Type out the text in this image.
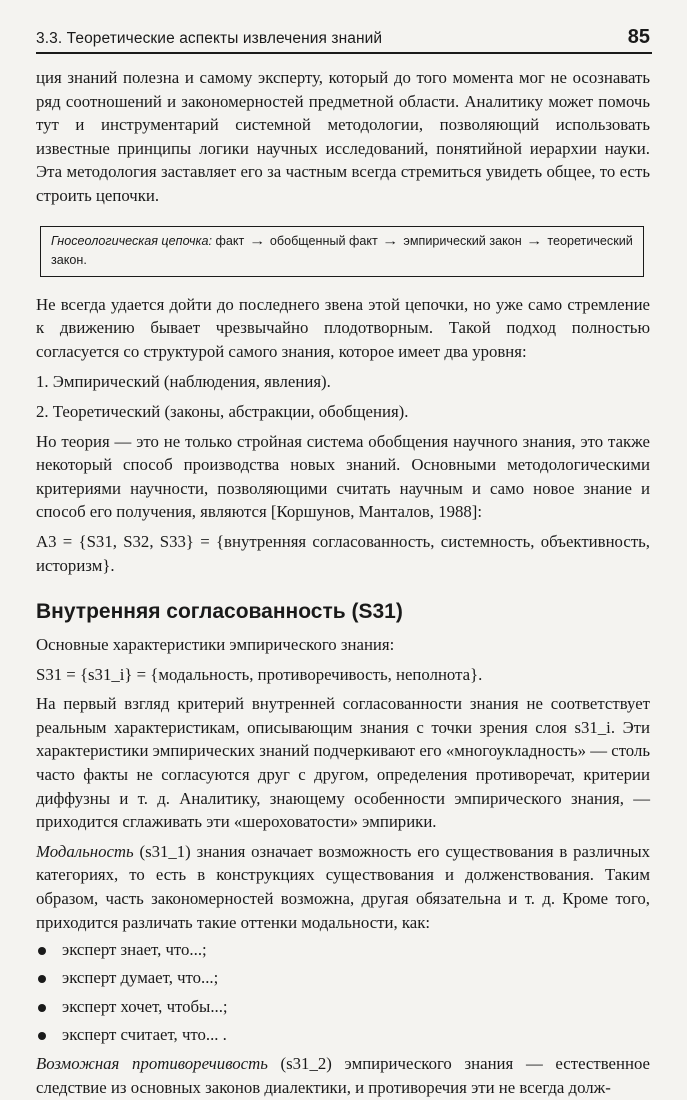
3.3. Теоретические аспекты извлечения знаний	85

ция знаний полезна и самому эксперту, который до того момента мог не осознавать ряд соотношений и закономерностей предметной области. Аналитику может помочь тут и инструментарий системной методологии, позволяющий использовать известные принципы логики научных исследований, понятийной иерархии науки. Эта методология заставляет его за частным всегда стремиться увидеть общее, то есть строить цепочки.

Гносеологическая цепочка: факт → обобщенный факт → эмпирический закон → теоретический закон.

Не всегда удается дойти до последнего звена этой цепочки, но уже само стремление к движению бывает чрезвычайно плодотворным. Такой подход полностью согласуется со структурой самого знания, которое имеет два уровня:

1. Эмпирический (наблюдения, явления).
2. Теоретический (законы, абстракции, обобщения).

Но теория — это не только стройная система обобщения научного знания, это также некоторый способ производства новых знаний. Основными методологическими критериями научности, позволяющими считать научным и само новое знание и способ его получения, являются [Коршунов, Манталов, 1988]:

А3 = {S31, S32, S33} = {внутренняя согласованность, системность, объективность, историзм}.

Внутренняя согласованность (S31)

Основные характеристики эмпирического знания:

S31 = {s31_i} = {модальность, противоречивость, неполнота}.

На первый взгляд критерий внутренней согласованности знания не соответствует реальным характеристикам, описывающим знания с точки зрения слоя s31_i. Эти характеристики эмпирических знаний подчеркивают его «многоукладность» — столь часто факты не согласуются друг с другом, определения противоречат, критерии диффузны и т. д. Аналитику, знающему особенности эмпирического знания, — приходится сглаживать эти «шероховатости» эмпирики.

Модальность (s31_1) знания означает возможность его существования в различных категориях, то есть в конструкциях существования и долженствования. Таким образом, часть закономерностей возможна, другая обязательна и т. д. Кроме того, приходится различать такие оттенки модальности, как:

эксперт знает, что...;
эксперт думает, что...;
эксперт хочет, чтобы...;
эксперт считает, что... .

Возможная противоречивость (s31_2) эмпирического знания — естественное следствие из основных законов диалектики, и противоречия эти не всегда долж-
